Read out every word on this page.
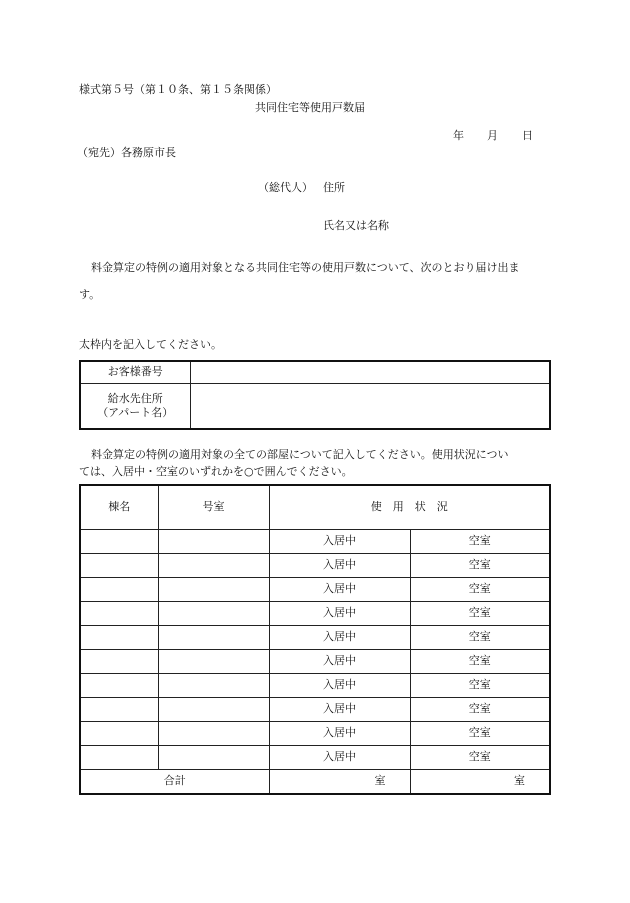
様式第５号（第１０条、第１５条関係）
共同住宅等使用戸数届
年 月 日
（宛先）各務原市長
（総代人） 住所
氏名又は名称
料金算定の特例の適用対象となる共同住宅等の使用戸数について、次のとおり届け出ま
す。
太枠内を記入してください。
お客様番号	

給水先住所
（アパート名）	

料金算定の特例の適用対象の全ての部屋について記入してください。使用状況につい
ては、入居中・空室のいずれかを○で囲んでください。
棟名	号室	使　用　状　況	
		入居中	空室
		入居中	空室
		入居中	空室
		入居中	空室
		入居中	空室
		入居中	空室
		入居中	空室
		入居中	空室
		入居中	空室
		入居中	空室
合計		室	室
